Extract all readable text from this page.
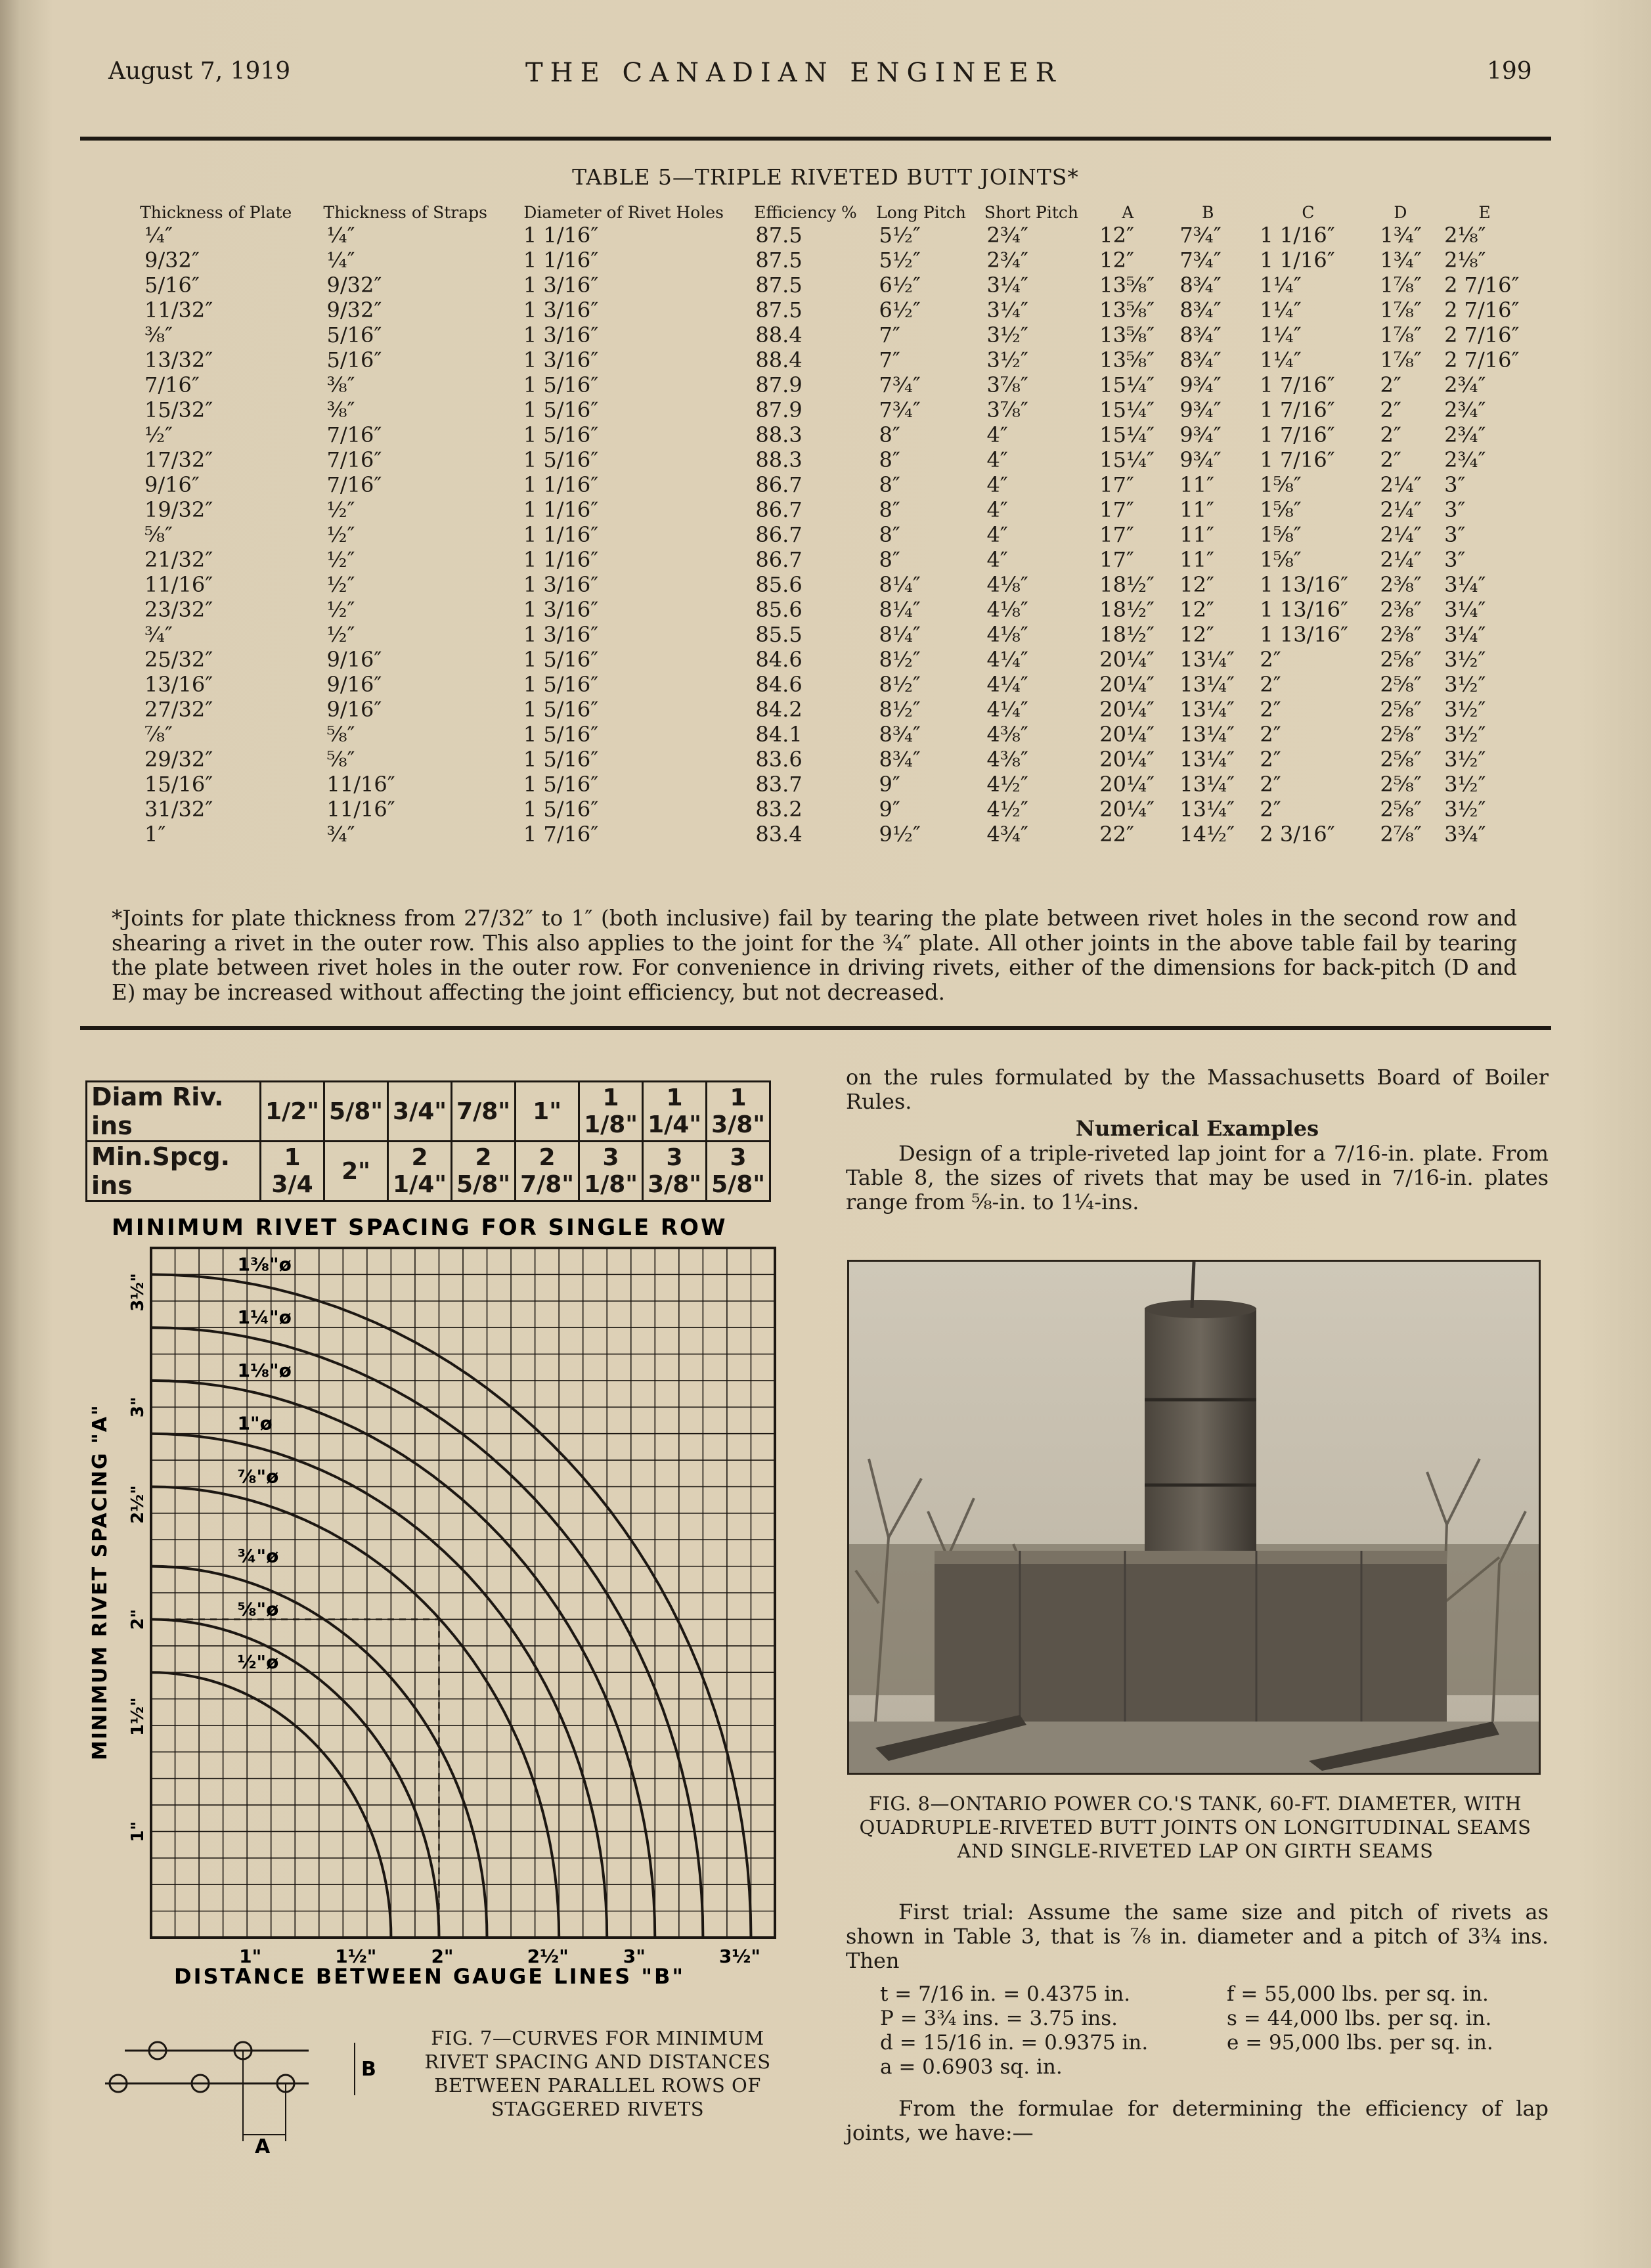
August 7, 1919	THE CANADIAN ENGINEER	199
TABLE 5—TRIPLE RIVETED BUTT JOINTS*
Thickness of Plate	Thickness of Straps	Diameter of Rivet Holes	Efficiency %	Long Pitch	Short Pitch	A	B	C	D	E
¼″	¼″	1 1/16″	87.5	5½″	2¾″	12″	7¾″	1 1/16″	1¾″	2⅛″
9/32″	¼″	1 1/16″	87.5	5½″	2¾″	12″	7¾″	1 1/16″	1¾″	2⅛″
5/16″	9/32″	1 3/16″	87.5	6½″	3¼″	13⅝″	8¾″	1¼″	1⅞″	2 7/16″
11/32″	9/32″	1 3/16″	87.5	6½″	3¼″	13⅝″	8¾″	1¼″	1⅞″	2 7/16″
⅜″	5/16″	1 3/16″	88.4	7″	3½″	13⅝″	8¾″	1¼″	1⅞″	2 7/16″
13/32″	5/16″	1 3/16″	88.4	7″	3½″	13⅝″	8¾″	1¼″	1⅞″	2 7/16″
7/16″	⅜″	1 5/16″	87.9	7¾″	3⅞″	15¼″	9¾″	1 7/16″	2″	2¾″
15/32″	⅜″	1 5/16″	87.9	7¾″	3⅞″	15¼″	9¾″	1 7/16″	2″	2¾″
½″	7/16″	1 5/16″	88.3	8″	4″	15¼″	9¾″	1 7/16″	2″	2¾″
17/32″	7/16″	1 5/16″	88.3	8″	4″	15¼″	9¾″	1 7/16″	2″	2¾″
9/16″	7/16″	1 1/16″	86.7	8″	4″	17″	11″	1⅝″	2¼″	3″
19/32″	½″	1 1/16″	86.7	8″	4″	17″	11″	1⅝″	2¼″	3″
⅝″	½″	1 1/16″	86.7	8″	4″	17″	11″	1⅝″	2¼″	3″
21/32″	½″	1 1/16″	86.7	8″	4″	17″	11″	1⅝″	2¼″	3″
11/16″	½″	1 3/16″	85.6	8¼″	4⅛″	18½″	12″	1 13/16″	2⅜″	3¼″
23/32″	½″	1 3/16″	85.6	8¼″	4⅛″	18½″	12″	1 13/16″	2⅜″	3¼″
¾″	½″	1 3/16″	85.5	8¼″	4⅛″	18½″	12″	1 13/16″	2⅜″	3¼″
25/32″	9/16″	1 5/16″	84.6	8½″	4¼″	20¼″	13¼″	2″	2⅝″	3½″
13/16″	9/16″	1 5/16″	84.6	8½″	4¼″	20¼″	13¼″	2″	2⅝″	3½″
27/32″	9/16″	1 5/16″	84.2	8½″	4¼″	20¼″	13¼″	2″	2⅝″	3½″
⅞″	⅝″	1 5/16″	84.1	8¾″	4⅜″	20¼″	13¼″	2″	2⅝″	3½″
29/32″	⅝″	1 5/16″	83.6	8¾″	4⅜″	20¼″	13¼″	2″	2⅝″	3½″
15/16″	11/16″	1 5/16″	83.7	9″	4½″	20¼″	13¼″	2″	2⅝″	3½″
31/32″	11/16″	1 5/16″	83.2	9″	4½″	20¼″	13¼″	2″	2⅝″	3½″
1″	¾″	1 7/16″	83.4	9½″	4¾″	22″	14½″	2 3/16″	2⅞″	3¾″
*Joints for plate thickness from 27/32″ to 1″ (both inclusive) fail by tearing the plate between rivet holes in the second row and shearing a rivet in the outer row. This also applies to the joint for the ¾″ plate. All other joints in the above table fail by tearing the plate between rivet holes in the outer row. For convenience in driving rivets, either of the dimensions for back-pitch (D and E) may be increased without affecting the joint efficiency, but not decreased.
Diam Riv. ins	1/2"	5/8"	3/4"	7/8"	1"	1 1/8"	1 1/4"	1 3/8"
Min.Spcg. ins	1 3/4	2"	2 1/4"	2 5/8"	2 7/8"	3 1/8"	3 3/8"	3 5/8"
MINIMUM RIVET SPACING FOR SINGLE ROW
1⅜"ø
1¼"ø
1⅛"ø
1"ø
⅞"ø
¾"ø
⅝"ø
½"ø
1"	1½"	2"	2½"	3"	3½"
1"
1½"
2"
2½"
3"
3½"
MINIMUM RIVET SPACING "A"
DISTANCE BETWEEN GAUGE LINES "B"
A
B
FIG. 7—CURVES FOR MINIMUM RIVET SPACING AND DISTANCES BETWEEN PARALLEL ROWS OF STAGGERED RIVETS
on the rules formulated by the Massachusetts Board of Boiler Rules.
Numerical Examples
Design of a triple-riveted lap joint for a 7/16-in. plate. From Table 8, the sizes of rivets that may be used in 7/16-in. plates range from ⅝-in. to 1¼-ins.
FIG. 8—ONTARIO POWER CO.'S TANK, 60-FT. DIAMETER, WITH QUADRUPLE-RIVETED BUTT JOINTS ON LONGITUDINAL SEAMS AND SINGLE-RIVETED LAP ON GIRTH SEAMS
First trial: Assume the same size and pitch of rivets as shown in Table 3, that is ⅞ in. diameter and a pitch of 3¾ ins. Then
t = 7/16 in. = 0.4375 in.
P = 3¾ ins. = 3.75 ins.
d = 15/16 in. = 0.9375 in.
a = 0.6903 sq. in.
f = 55,000 lbs. per sq. in.
s = 44,000 lbs. per sq. in.
e = 95,000 lbs. per sq. in.
From the formulae for determining the efficiency of lap joints, we have:—
